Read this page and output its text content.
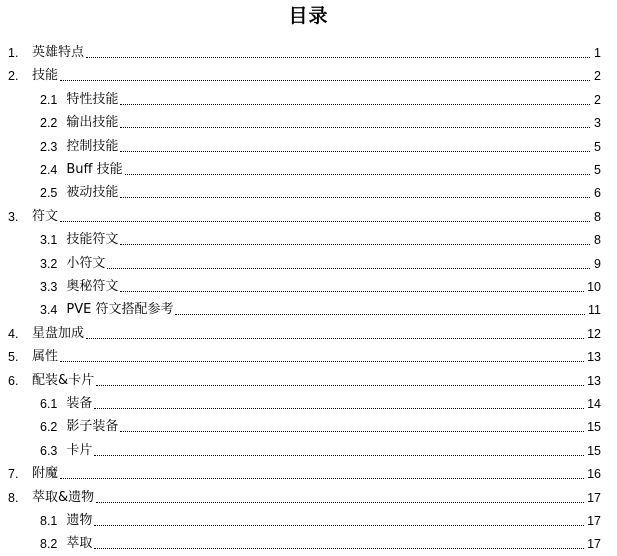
目录
1.	英雄特点	1
2.	技能	2
2.1 特性技能	2
2.2 输出技能	3
2.3 控制技能	5
2.4 Buff 技能	5
2.5 被动技能	6
3.	符文	8
3.1 技能符文	8
3.2 小符文	9
3.3 奥秘符文	10
3.4 PVE 符文搭配参考	11
4.	星盘加成	12
5.	属性	13
6.	配装&卡片	13
6.1 装备	14
6.2 影子装备	15
6.3 卡片	15
7.	附魔	16
8.	萃取&遗物	17
8.1 遗物	17
8.2 萃取	17
